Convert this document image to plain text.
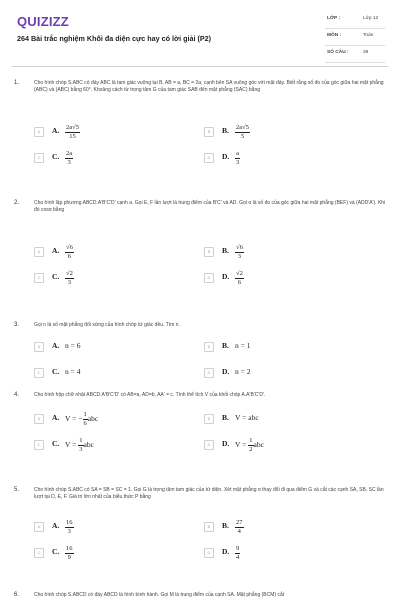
QUIZIZZ
264 Bài trắc nghiệm Khối đa diện cực hay có lời giải (P2)
LỚP :	Lớp 12
MÔN :	Toán
SỐ CÂU :	39
1.	Cho hình chóp S.ABC có đáy ABC là tam giác vuông tại B, AB = a, BC = 2a; cạnh bên SA vuông góc với mặt đáy. Biết rằng số đo của góc giữa hai mặt phẳng (ABC) và (ABC) bằng 60°. Khoảng cách từ trọng tâm G của tam giác SAB đến mặt phẳng (SAC) bằng
A	A. $\frac{2a√5}{15}$	B	B. $\frac{2a√5}{5}$
C	C. $\frac{2a}{3}$	D	D. $\frac{a}{3}$
2.	Cho hình lập phương ABCD.A'B'C'D' cạnh a. Gọi E, F lần lượt là trung điểm của B'C' và AD. Gọi α là số đo của góc giữa hai mặt phẳng (BEF) và (ADD'A'). Khi đó cosα bằng
A	A. $\frac{√6}{6}$	B	B. $\frac{√6}{3}$
C	C. $\frac{√2}{3}$	D	D. $\frac{√2}{6}$
3.	Gọi n là số mặt phẳng đối xứng của hình chóp tứ giác đều. Tìm n.
A	A. n = 6	B	B. n = 1
C	C. n = 4	D	D. n = 2
4.	Cho hình hộp chữ nhật ABCD.A'B'C'D' có AB=a, AD=b, AA' = c. Tính thể tích V của khối chóp A.A'B'C'D'.
A	A. V = − $\frac{1}{6}$ abc	B	B. V = abc
C	C. $V = \frac{1}{3}$ abc	D	D. $V = \frac{1}{2}$ abc
5.	Cho hình chóp S.ABC có SA = SB = SC = 1. Gọi G là trọng tâm tam giác của tứ diện. Xét mặt phẳng α thay đổi đi qua điểm G và cắt các cạnh SA, SB, SC lần lượt tại D, E, F. Giá trị lớn nhất của biểu thức P bằng
A	A. $\frac{16}{3}$	B	B. $\frac{27}{4}$
C	C. $\frac{16}{9}$	D	D. $\frac{9}{4}$
6.	Cho hình chóp S.ABCD có đáy ABCD là hình bình hành. Gọi M là trung điểm của cạnh SA. Mặt phẳng (BCM) cắt
